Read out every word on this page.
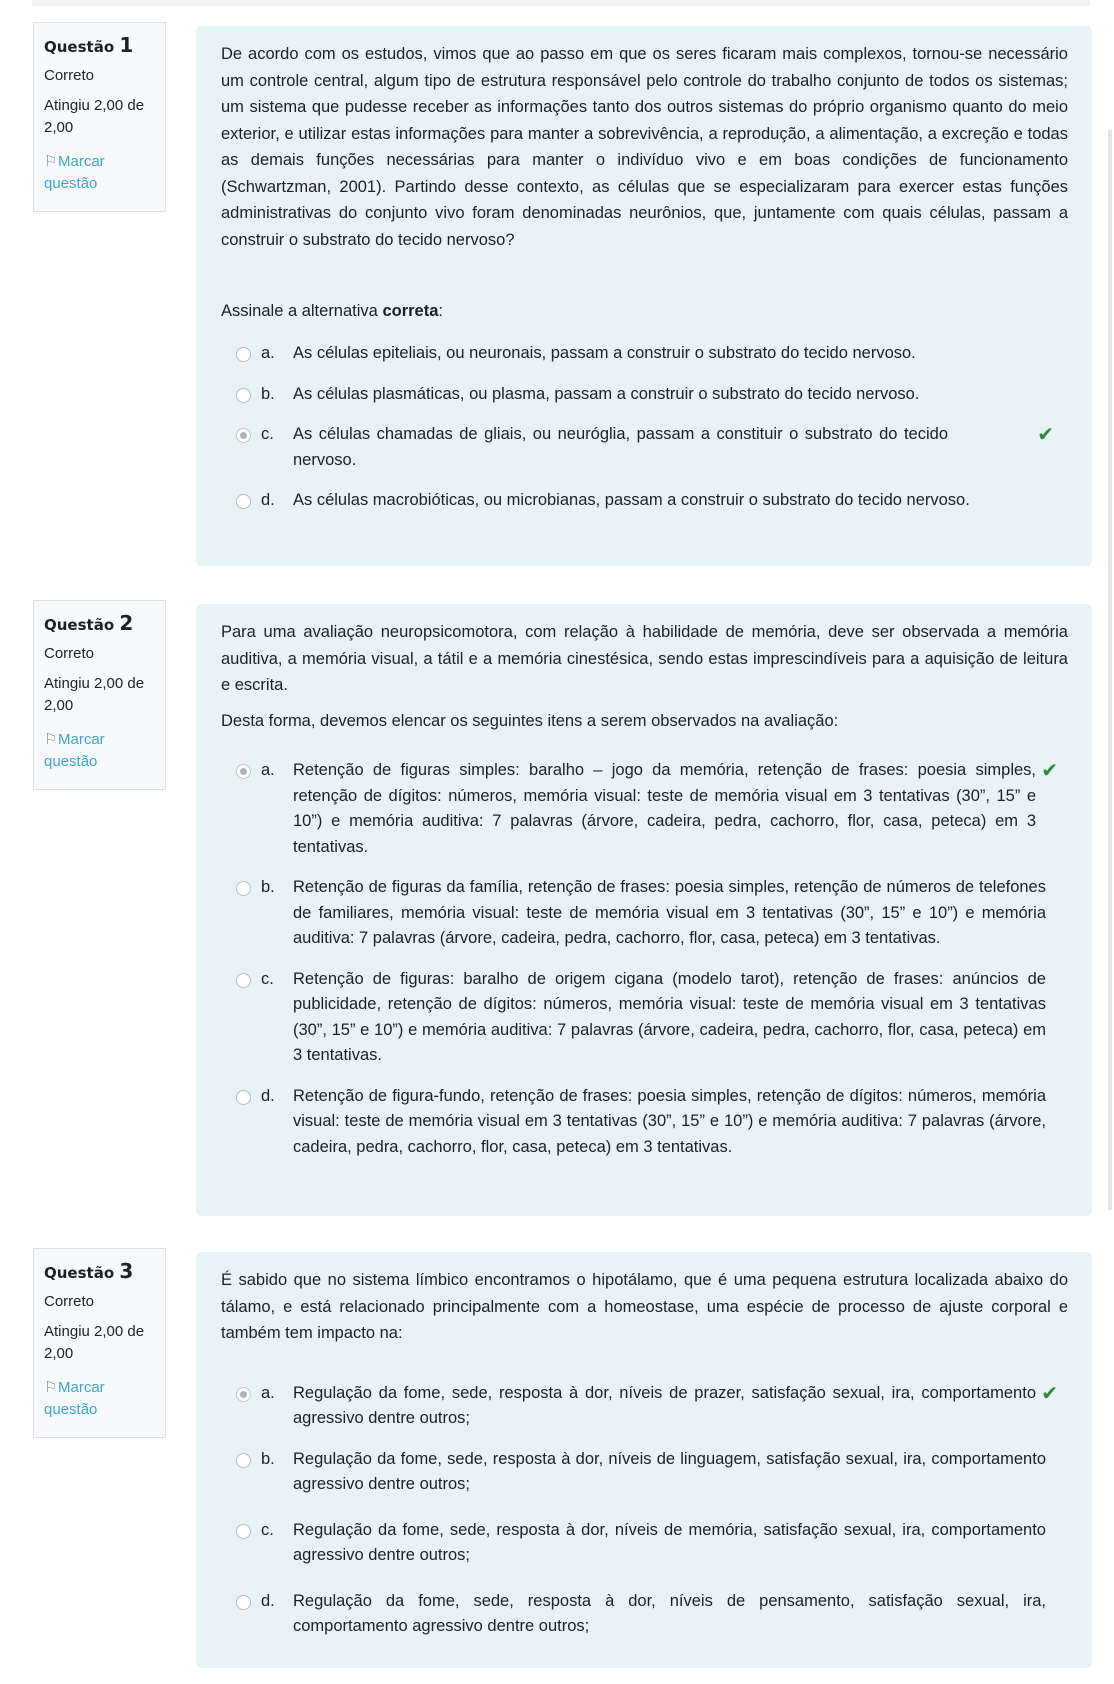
Questão 1
Correto
Atingiu 2,00 de 2,00
⚐Marcar questão

De acordo com os estudos, vimos que ao passo em que os seres ficaram mais complexos, tornou-se necessário um controle central, algum tipo de estrutura responsável pelo controle do trabalho conjunto de todos os sistemas; um sistema que pudesse receber as informações tanto dos outros sistemas do próprio organismo quanto do meio exterior, e utilizar estas informações para manter a sobrevivência, a reprodução, a alimentação, a excreção e todas as demais funções necessárias para manter o indivíduo vivo e em boas condições de funcionamento (Schwartzman, 2001). Partindo desse contexto, as células que se especializaram para exercer estas funções administrativas do conjunto vivo foram denominadas neurônios, que, juntamente com quais células, passam a construir o substrato do tecido nervoso?

Assinale a alternativa correta:
a. As células epiteliais, ou neuronais, passam a construir o substrato do tecido nervoso.
b. As células plasmáticas, ou plasma, passam a construir o substrato do tecido nervoso.
c. As células chamadas de gliais, ou neuróglia, passam a constituir o substrato do tecido nervoso.
✔
d. As células macrobióticas, ou microbianas, passam a construir o substrato do tecido nervoso.
Questão 2
Correto
Atingiu 2,00 de 2,00
⚐Marcar questão

Para uma avaliação neuropsicomotora, com relação à habilidade de memória, deve ser observada a memória auditiva, a memória visual, a tátil e a memória cinestésica, sendo estas imprescindíveis para a aquisição de leitura e escrita.

Desta forma, devemos elencar os seguintes itens a serem observados na avaliação:
a. Retenção de figuras simples: baralho – jogo da memória, retenção de frases: poesia simples, retenção de dígitos: números, memória visual: teste de memória visual em 3 tentativas (30”, 15” e 10”) e memória auditiva: 7 palavras (árvore, cadeira, pedra, cachorro, flor, casa, peteca) em 3 tentativas.
✔
b. Retenção de figuras da família, retenção de frases: poesia simples, retenção de números de telefones de familiares, memória visual: teste de memória visual em 3 tentativas (30”, 15” e 10”) e memória auditiva: 7 palavras (árvore, cadeira, pedra, cachorro, flor, casa, peteca) em 3 tentativas.
c. Retenção de figuras: baralho de origem cigana (modelo tarot), retenção de frases: anúncios de publicidade, retenção de dígitos: números, memória visual: teste de memória visual em 3 tentativas (30”, 15” e 10”) e memória auditiva: 7 palavras (árvore, cadeira, pedra, cachorro, flor, casa, peteca) em 3 tentativas.
d. Retenção de figura-fundo, retenção de frases: poesia simples, retenção de dígitos: números, memória visual: teste de memória visual em 3 tentativas (30”, 15” e 10”) e memória auditiva: 7 palavras (árvore, cadeira, pedra, cachorro, flor, casa, peteca) em 3 tentativas.
Questão 3
Correto
Atingiu 2,00 de 2,00
⚐Marcar questão

É sabido que no sistema límbico encontramos o hipotálamo, que é uma pequena estrutura localizada abaixo do tálamo, e está relacionado principalmente com a homeostase, uma espécie de processo de ajuste corporal e também tem impacto na:

a. Regulação da fome, sede, resposta à dor, níveis de prazer, satisfação sexual, ira, comportamento agressivo dentre outros;
✔
b. Regulação da fome, sede, resposta à dor, níveis de linguagem, satisfação sexual, ira, comportamento agressivo dentre outros;
c. Regulação da fome, sede, resposta à dor, níveis de memória, satisfação sexual, ira, comportamento agressivo dentre outros;
d. Regulação da fome, sede, resposta à dor, níveis de pensamento, satisfação sexual, ira, comportamento agressivo dentre outros;
